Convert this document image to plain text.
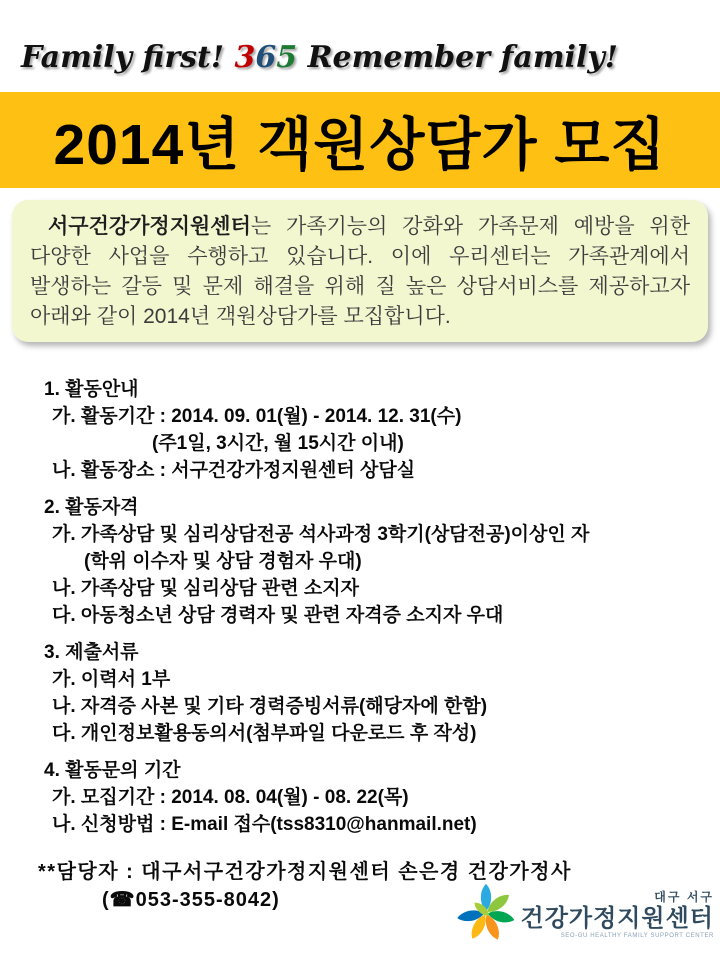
Family first! 365 Remember family!
2014년 객원상담가 모집
서구건강가정지원센터는 가족기능의 강화와 가족문제 예방을 위한 다양한 사업을 수행하고 있습니다. 이에 우리센터는 가족관계에서 발생하는 갈등 및 문제 해결을 위해 질 높은 상담서비스를 제공하고자 아래와 같이 2014년 객원상담가를 모집합니다.
1. 활동안내
가. 활동기간 : 2014. 09. 01(월) - 2014. 12. 31(수)
(주1일, 3시간, 월 15시간 이내)
나. 활동장소 : 서구건강가정지원센터 상담실
2. 활동자격
가. 가족상담 및 심리상담전공 석사과정 3학기(상담전공)이상인 자
(학위 이수자 및 상담 경험자 우대)
나. 가족상담 및 심리상담 관련 소지자
다. 아동청소년 상담 경력자 및 관련 자격증 소지자 우대
3. 제출서류
가. 이력서 1부
나. 자격증 사본 및 기타 경력증빙서류(해당자에 한함)
다. 개인정보활용동의서(첨부파일 다운로드 후 작성)
4. 활동문의 기간
가. 모집기간 : 2014. 08. 04(월) - 08. 22(목)
나. 신청방법 : E-mail 접수(tss8310@hanmail.net)
**담당자 : 대구서구건강가정지원센터 손은경 건강가정사
(☎053-355-8042)	대구 서구
건강가정지원센터
SEO-GU HEALTHY FAMILY SUPPORT CENTER
